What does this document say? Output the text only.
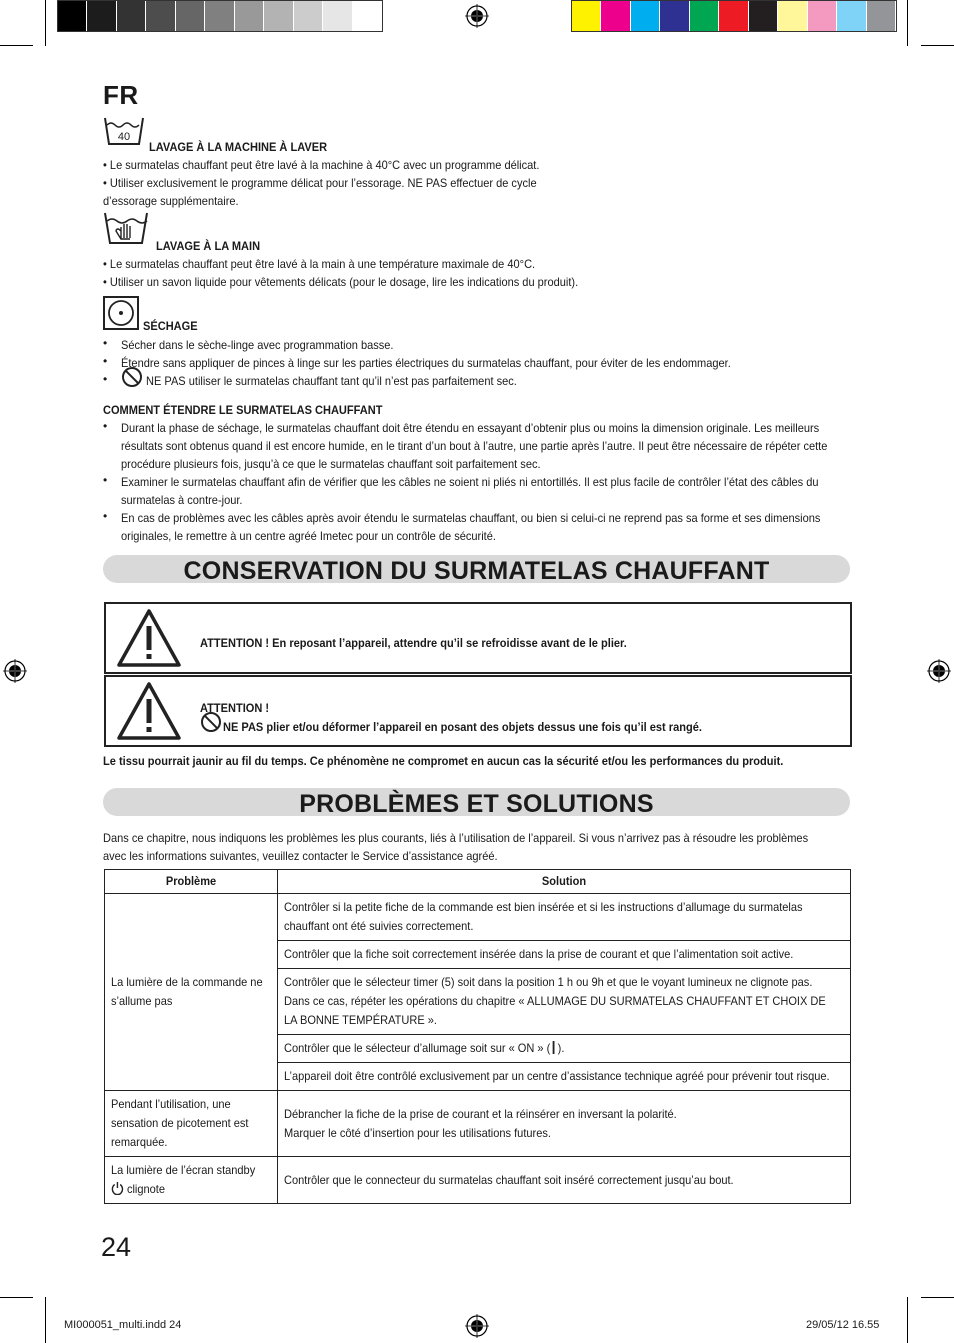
FR
40
LAVAGE À LA MACHINE À LAVER
• Le surmatelas chauffant peut être lavé à la machine à 40°C avec un programme délicat.
• Utiliser exclusivement le programme délicat pour l’essorage. NE PAS effectuer de cycle
d’essorage supplémentaire.
LAVAGE À LA MAIN
• Le surmatelas chauffant peut être lavé à la main à une température maximale de 40°C.
• Utiliser un savon liquide pour vêtements délicats (pour le dosage, lire les indications du produit).
SÉCHAGE
• Sécher dans le sèche-linge avec programmation basse.
• Étendre sans appliquer de pinces à linge sur les parties électriques du surmatelas chauffant, pour éviter de les endommager.
•	NE PAS utiliser le surmatelas chauffant tant qu’il n’est pas parfaitement sec.
COMMENT ÉTENDRE LE SURMATELAS CHAUFFANT
• Durant la phase de séchage, le surmatelas chauffant doit être étendu en essayant d’obtenir plus ou moins la dimension originale. Les meilleurs résultats sont obtenus quand il est encore humide, en le tirant d’un bout à l’autre, une partie après l’autre. Il peut être nécessaire de répéter cette procédure plusieurs fois, jusqu’à ce que le surmatelas chauffant soit parfaitement sec.
• Examiner le surmatelas chauffant afin de vérifier que les câbles ne soient ni pliés ni entortillés. Il est plus facile de contrôler l’état des câbles du surmatelas à contre-jour.
• En cas de problèmes avec les câbles après avoir étendu le surmatelas chauffant, ou bien si celui-ci ne reprend pas sa forme et ses dimensions originales, le remettre à un centre agréé Imetec pour un contrôle de sécurité.
CONSERVATION DU SURMATELAS CHAUFFANT
ATTENTION ! En reposant l’appareil, attendre qu’il se refroidisse avant de le plier.
ATTENTION !
NE PAS plier et/ou déformer l’appareil en posant des objets dessus une fois qu’il est rangé.
Le tissu pourrait jaunir au fil du temps. Ce phénomène ne compromet en aucun cas la sécurité et/ou les performances du produit.
PROBLÈMES ET SOLUTIONS
Dans ce chapitre, nous indiquons les problèmes les plus courants, liés à l’utilisation de l’appareil. Si vous n’arrivez pas à résoudre les problèmes
avec les informations suivantes, veuillez contacter le Service d’assistance agréé.
Problème	Solution

La lumière de la commande ne s’allume pas	Contrôler si la petite fiche de la commande est bien insérée et si les instructions d’allumage du surmatelas chauffant ont été suivies correctement.

	Contrôler que la fiche soit correctement insérée dans la prise de courant et que l’alimentation soit active.

	Contrôler que le sélecteur timer (5) soit dans la position 1 h ou 9h et que le voyant lumineux ne clignote pas. Dans ce cas, répéter les opérations du chapitre « ALLUMAGE DU SURMATELAS CHAUFFANT ET CHOIX DE LA BONNE TEMPÉRATURE ».

	Contrôler que le sélecteur d’allumage soit sur « ON » ( ).

	L’appareil doit être contrôlé exclusivement par un centre d’assistance technique agréé pour prévenir tout risque.

Pendant l’utilisation, une sensation de picotement est remarquée.	Débrancher la fiche de la prise de courant et la réinsérer en inversant la polarité.
Marquer le côté d’insertion pour les utilisations futures.

La lumière de l’écran standby
clignote	Contrôler que le connecteur du surmatelas chauffant soit inséré correctement jusqu’au bout.
24
MI000051_multi.indd 24	29/05/12 16.55
